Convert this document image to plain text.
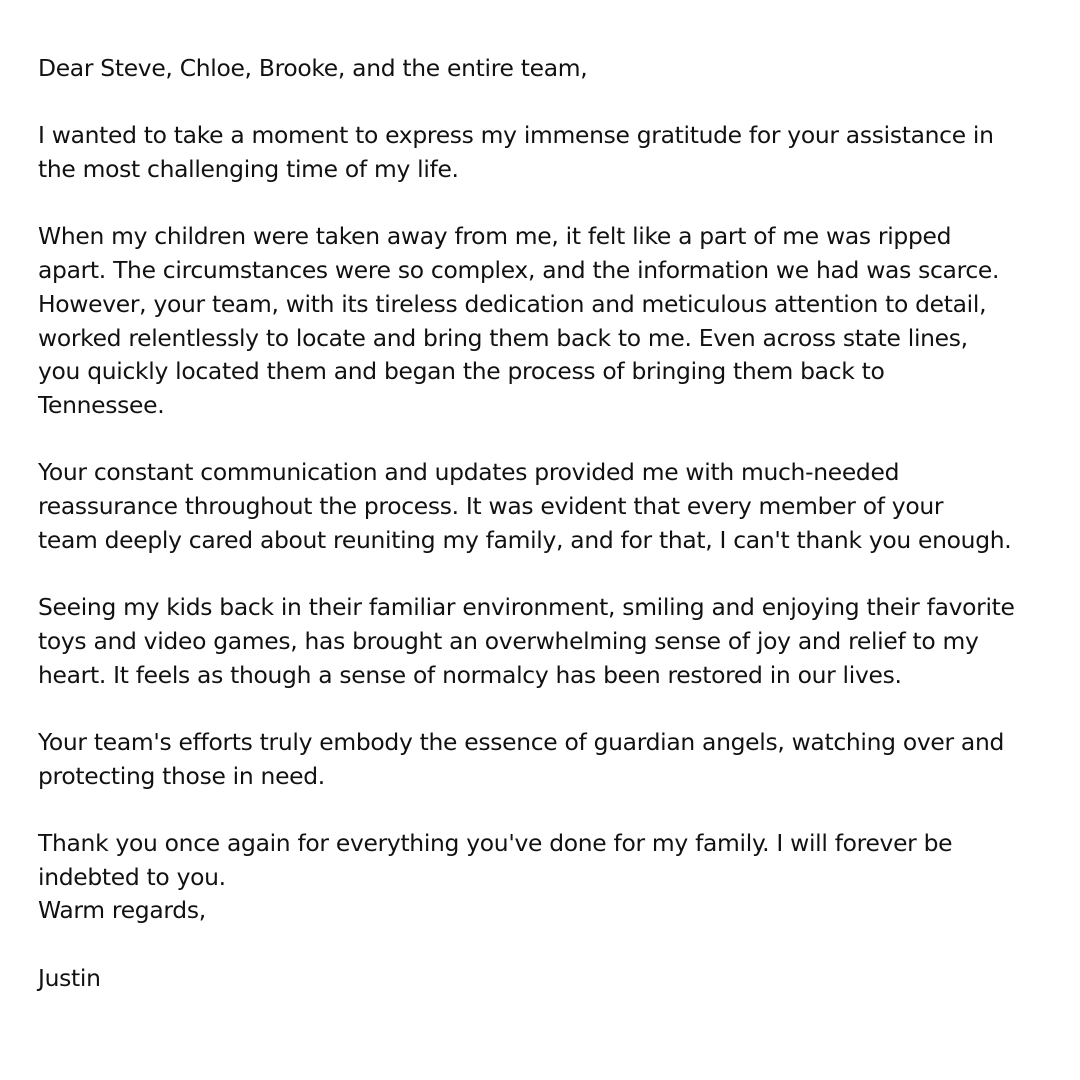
Dear Steve, Chloe, Brooke, and the entire team,

I wanted to take a moment to express my immense gratitude for your assistance in
the most challenging time of my life.

When my children were taken away from me, it felt like a part of me was ripped
apart. The circumstances were so complex, and the information we had was scarce.
However, your team, with its tireless dedication and meticulous attention to detail,
worked relentlessly to locate and bring them back to me. Even across state lines,
you quickly located them and began the process of bringing them back to
Tennessee.

Your constant communication and updates provided me with much-needed
reassurance throughout the process. It was evident that every member of your
team deeply cared about reuniting my family, and for that, I can't thank you enough.

Seeing my kids back in their familiar environment, smiling and enjoying their favorite
toys and video games, has brought an overwhelming sense of joy and relief to my
heart. It feels as though a sense of normalcy has been restored in our lives.

Your team's efforts truly embody the essence of guardian angels, watching over and
protecting those in need.

Thank you once again for everything you've done for my family. I will forever be
indebted to you.

Warm regards,

Justin
